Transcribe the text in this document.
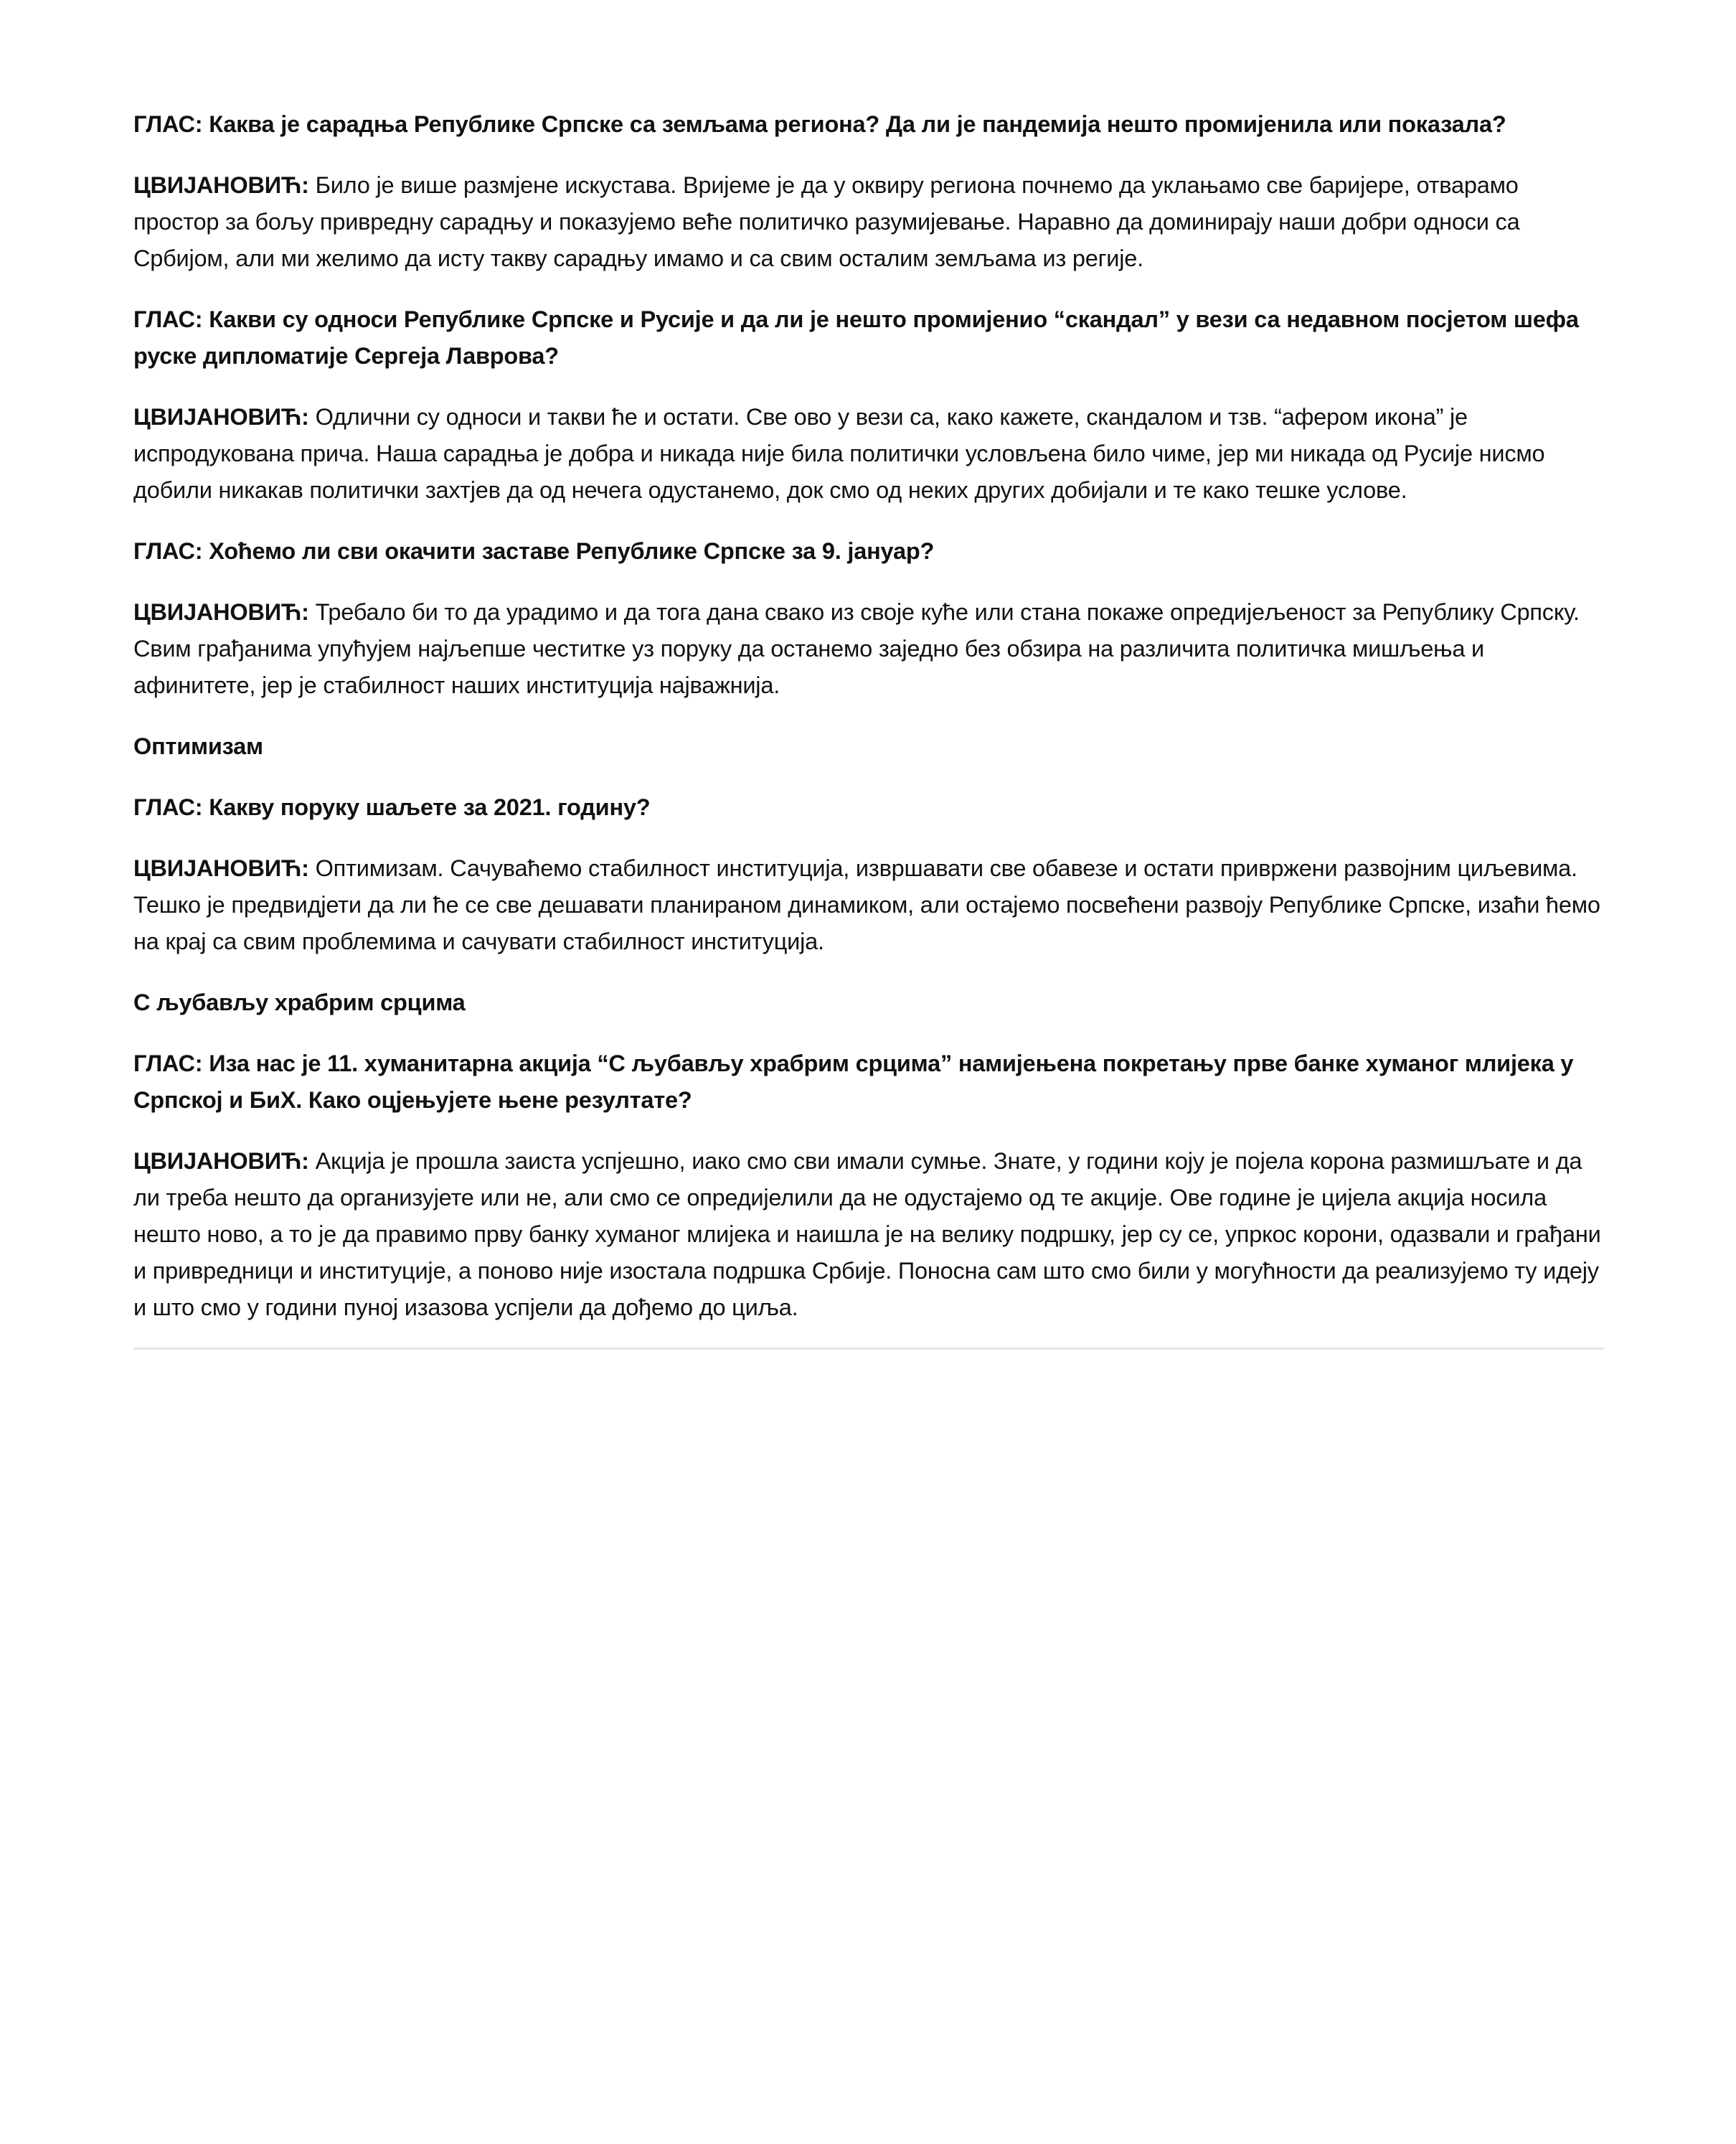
ГЛАС: Каква је сарадња Републике Српске са земљама региона? Да ли је пандемија нешто промијенила или показала?

ЦВИЈАНОВИЋ: Било је више размјене искустава. Вријеме је да у оквиру региона почнемо да уклањамо све баријере, отварамо простор за бољу привредну сарадњу и показујемо веће политичко разумијевање. Наравно да доминирају наши добри односи са Србијом, али ми желимо да исту такву сарадњу имамо и са свим осталим земљама из регије.

ГЛАС: Какви су односи Републике Српске и Русије и да ли је нешто промијенио “скандал” у вези са недавном посјетом шефа руске дипломатије Сергеја Лаврова?

ЦВИЈАНОВИЋ: Одлични су односи и такви ће и остати. Све ово у вези са, како кажете, скандалом и тзв. “афером икона” је испродукована прича. Наша сарадња је добра и никада није била политички условљена било чиме, јер ми никада од Русије нисмо добили никакав политички захтјев да од нечега одустанемо, док смо од неких других добијали и те како тешке услове.

ГЛАС: Хоћемо ли сви окачити заставе Републике Српске за 9. јануар?

ЦВИЈАНОВИЋ: Требало би то да урадимо и да тога дана свако из своје куће или стана покаже опредијељеност за Републику Српску. Свим грађанима упућујем најљепше честитке уз поруку да останемо заједно без обзира на различита политичка мишљења и афинитете, јер је стабилност наших институција најважнија.

Оптимизам

ГЛАС: Какву поруку шаљете за 2021. годину?

ЦВИЈАНОВИЋ: Оптимизам. Сачуваћемо стабилност институција, извршавати све обавезе и остати привржени развојним циљевима. Тешко је предвидјети да ли ће се све дешавати планираном динамиком, али остајемо посвећени развоју Републике Српске, изаћи ћемо на крај са свим проблемима и сачувати стабилност институција.

С љубављу храбрим срцима

ГЛАС: Иза нас је 11. хуманитарна акција “С љубављу храбрим срцима” намијењена покретању прве банке хуманог млијека у Српској и БиХ. Како оцјењујете њене резултате?

ЦВИЈАНОВИЋ: Акција је прошла заиста успјешно, иако смо сви имали сумње. Знате, у години коју је појела корона размишљате и да ли треба нешто да организујете или не, али смо се опредијелили да не одустајемо од те акције. Ове године је цијела акција носила нешто ново, а то је да правимо прву банку хуманог млијека и наишла је на велику подршку, јер су се, упркос корони, одазвали и грађани и привредници и институције, а поново није изостала подршка Србије. Поносна сам што смо били у могућности да реализујемо ту идеју и што смо у години пуној изазова успјели да дођемо до циља.
